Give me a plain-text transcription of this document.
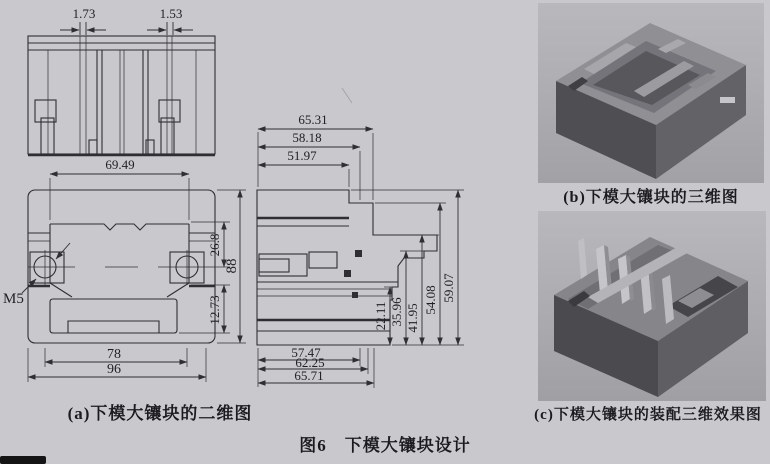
1.73	1.53
M5
69.49
26.8
88
12.73
78
96
65.31
58.18
51.97
22.11 35.96 41.95
54.08 59.07
57.47
62.25
65.71
(a)下模大镶块的二维图
(b)下模大镶块的三维图
(c)下模大镶块的装配三维效果图
图6　下模大镶块设计
